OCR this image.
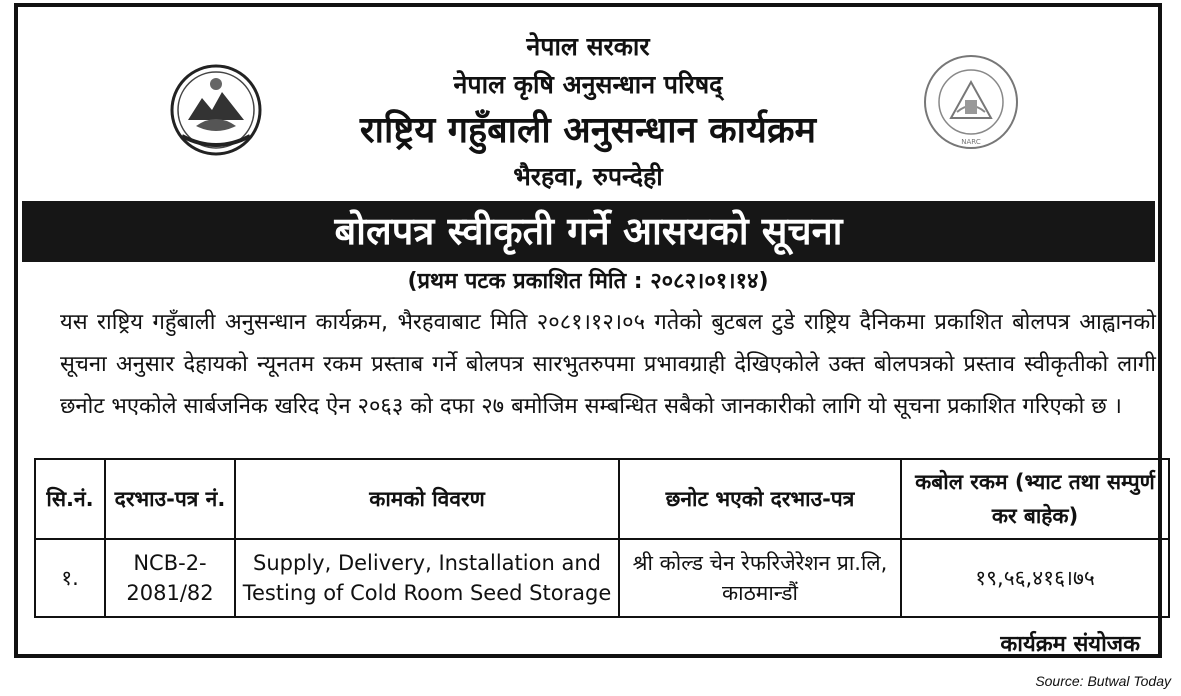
NARC
नेपाल सरकार
नेपाल कृषि अनुसन्धान परिषद्
राष्ट्रिय गहुँबाली अनुसन्धान कार्यक्रम
भैरहवा, रुपन्देही
बोलपत्र स्वीकृती गर्ने आसयको सूचना
(प्रथम पटक प्रकाशित मिति : २०८२।०१।१४)
यस राष्ट्रिय गहुँबाली अनुसन्धान कार्यक्रम, भैरहवाबाट मिति २०८१।१२।०५ गतेको बुटबल टुडे राष्ट्रिय दैनिकमा प्रकाशित बोलपत्र आह्वानको सूचना अनुसार देहायको न्यूनतम रकम प्रस्ताब गर्ने बोलपत्र सारभुतरुपमा प्रभावग्राही देखिएकोले उक्त बोलपत्रको प्रस्ताव स्वीकृतीको लागी छनोट भएकोले सार्बजनिक खरिद ऐन २०६३ को दफा २७ बमोजिम सम्बन्धित सबैको जानकारीको लागि यो सूचना प्रकाशित गरिएको छ ।
सि.नं.	दरभाउ-पत्र नं.	कामको विवरण	छनोट भएको दरभाउ-पत्र	कबोल रकम (भ्याट तथा सम्पुर्ण कर बाहेक)
१.	NCB-2-2081/82	Supply, Delivery, Installation and Testing of Cold Room Seed Storage	श्री कोल्ड चेन रेफरिजेरेशन प्रा.लि, काठमान्डौं	१९,५६,४१६।७५
कार्यक्रम संयोजक
Source: Butwal Today
